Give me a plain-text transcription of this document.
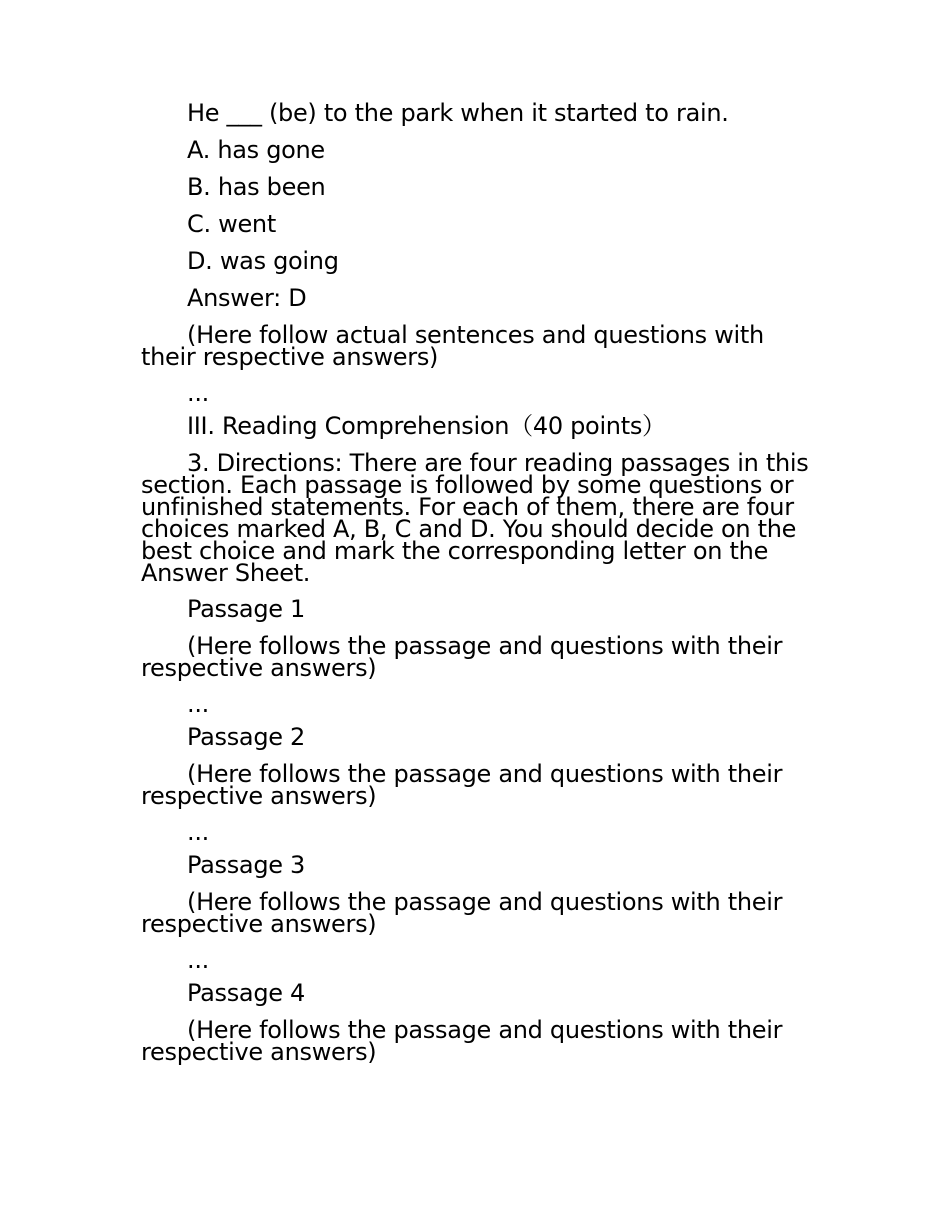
He ___ (be) to the park when it started to rain.

A. has gone

B. has been

C. went

D. was going

Answer: D

(Here follow actual sentences and questions with their respective answers)

...

III. Reading Comprehension（40 points）

3. Directions: There are four reading passages in this section. Each passage is followed by some questions or unfinished statements. For each of them, there are four choices marked A, B, C and D. You should decide on the best choice and mark the corresponding letter on the Answer Sheet.

Passage 1

(Here follows the passage and questions with their respective answers)

...

Passage 2

(Here follows the passage and questions with their respective answers)

...

Passage 3

(Here follows the passage and questions with their respective answers)

...

Passage 4

(Here follows the passage and questions with their respective answers)
